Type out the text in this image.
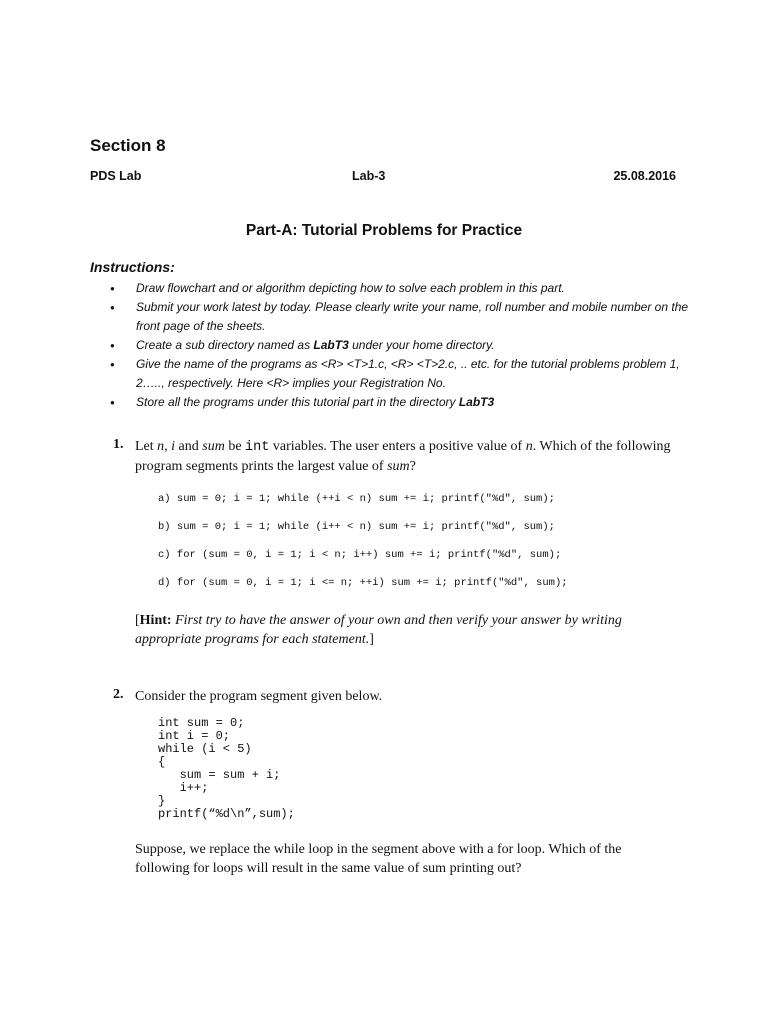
Section 8
PDS Lab	Lab-3	25.08.2016
Part-A: Tutorial Problems for Practice
Instructions:
● Draw flowchart and or algorithm depicting how to solve each problem in this part.
● Submit your work latest by today. Please clearly write your name, roll number and mobile number on the front page of the sheets.
● Create a sub directory named as LabT3 under your home directory.
● Give the name of the programs as <R> <T>1.c, <R> <T>2.c, .. etc. for the tutorial problems problem 1, 2….., respectively. Here <R> implies your Registration No.
● Store all the programs under this tutorial part in the directory LabT3
1. Let n, i and sum be int variables. The user enters a positive value of n. Which of the following program segments prints the largest value of sum?
a) sum = 0; i = 1; while (++i < n) sum += i; printf("%d", sum);
b) sum = 0; i = 1; while (i++ < n) sum += i; printf("%d", sum);
c) for (sum = 0, i = 1; i < n; i++) sum += i; printf("%d", sum);
d) for (sum = 0, i = 1; i <= n; ++i) sum += i; printf("%d", sum);
[Hint: First try to have the answer of your own and then verify your answer by writing appropriate programs for each statement.]
2. Consider the program segment given below.
int sum = 0;
int i = 0;
while (i < 5)
{
sum = sum + i;
i++;
}
printf(“%d\n”,sum);
Suppose, we replace the while loop in the segment above with a for loop. Which of the following for loops will result in the same value of sum printing out?
